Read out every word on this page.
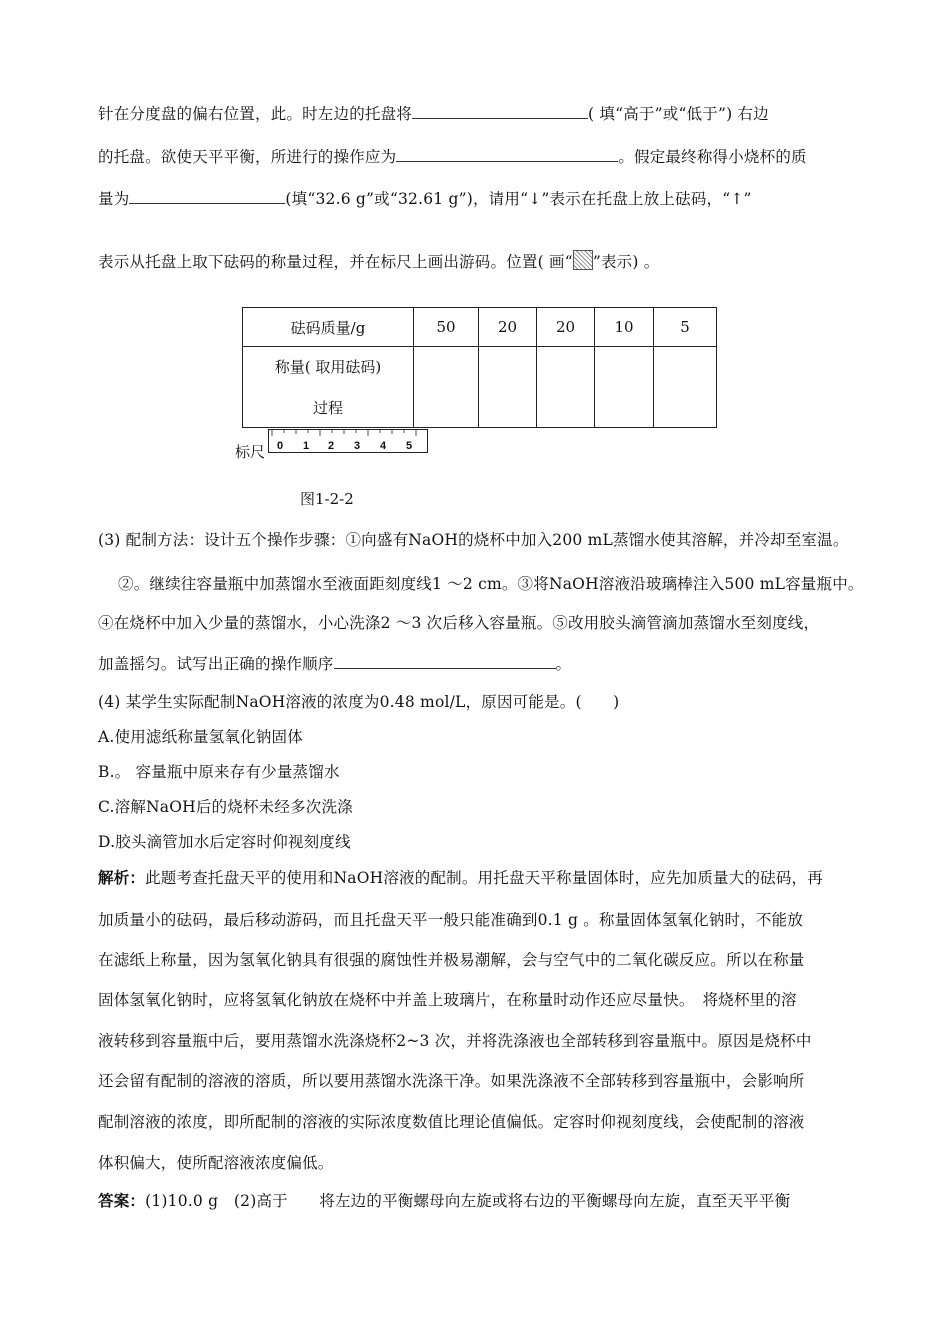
针在分度盘的偏右位置，此。时左边的托盘将	( 填“高于”或“低于”) 右边
的托盘。欲使天平平衡，所进行的操作应为	。假定最终称得小烧杯的质
量为	(填“32.6 g”或“32.61 g”)，请用“↓”表示在托盘上放上砝码，“↑”
表示从托盘上取下砝码的称量过程，并在标尺上画出游码。位置( 画“ ”表示) 。
砝码质量/g	50	20	20	10	5

称量( 取用砝码)
过程					

标尺 0 1 2 3 4 5
图1-2-2
(3) 配制方法：设计五个操作步骤：①向盛有NaOH的烧杯中加入200 mL蒸馏水使其溶解，并冷却至室温。
②。继续往容量瓶中加蒸馏水至液面距刻度线1 ～2 cm。③将NaOH溶液沿玻璃棒注入500 mL容量瓶中。
④在烧杯中加入少量的蒸馏水，小心洗涤2 ～3 次后移入容量瓶。⑤改用胶头滴管滴加蒸馏水至刻度线，
加盖摇匀。试写出正确的操作顺序	。
(4) 某学生实际配制NaOH溶液的浓度为0.48 mol/L，原因可能是。(　　)
A.使用滤纸称量氢氧化钠固体
B.。 容量瓶中原来存有少量蒸馏水
C.溶解NaOH后的烧杯未经多次洗涤
D.胶头滴管加水后定容时仰视刻度线
解析：此题考查托盘天平的使用和NaOH溶液的配制。用托盘天平称量固体时，应先加质量大的砝码，再
加质量小的砝码，最后移动游码，而且托盘天平一般只能准确到0.1 g 。称量固体氢氧化钠时，不能放
在滤纸上称量，因为氢氧化钠具有很强的腐蚀性并极易潮解，会与空气中的二氧化碳反应。所以在称量
固体氢氧化钠时，应将氢氧化钠放在烧杯中并盖上玻璃片，在称量时动作还应尽量快。　将烧杯里的溶
液转移到容量瓶中后，要用蒸馏水洗涤烧杯2~3 次，并将洗涤液也全部转移到容量瓶中。原因是烧杯中
还会留有配制的溶液的溶质，所以要用蒸馏水洗涤干净。如果洗涤液不全部转移到容量瓶中，会影响所
配制溶液的浓度，即所配制的溶液的实际浓度数值比理论值偏低。定容时仰视刻度线，会使配制的溶液
体积偏大，使所配溶液浓度偏低。
答案：(1)10.0 g　(2)高于　　将左边的平衡螺母向左旋或将右边的平衡螺母向左旋，直至天平平衡
